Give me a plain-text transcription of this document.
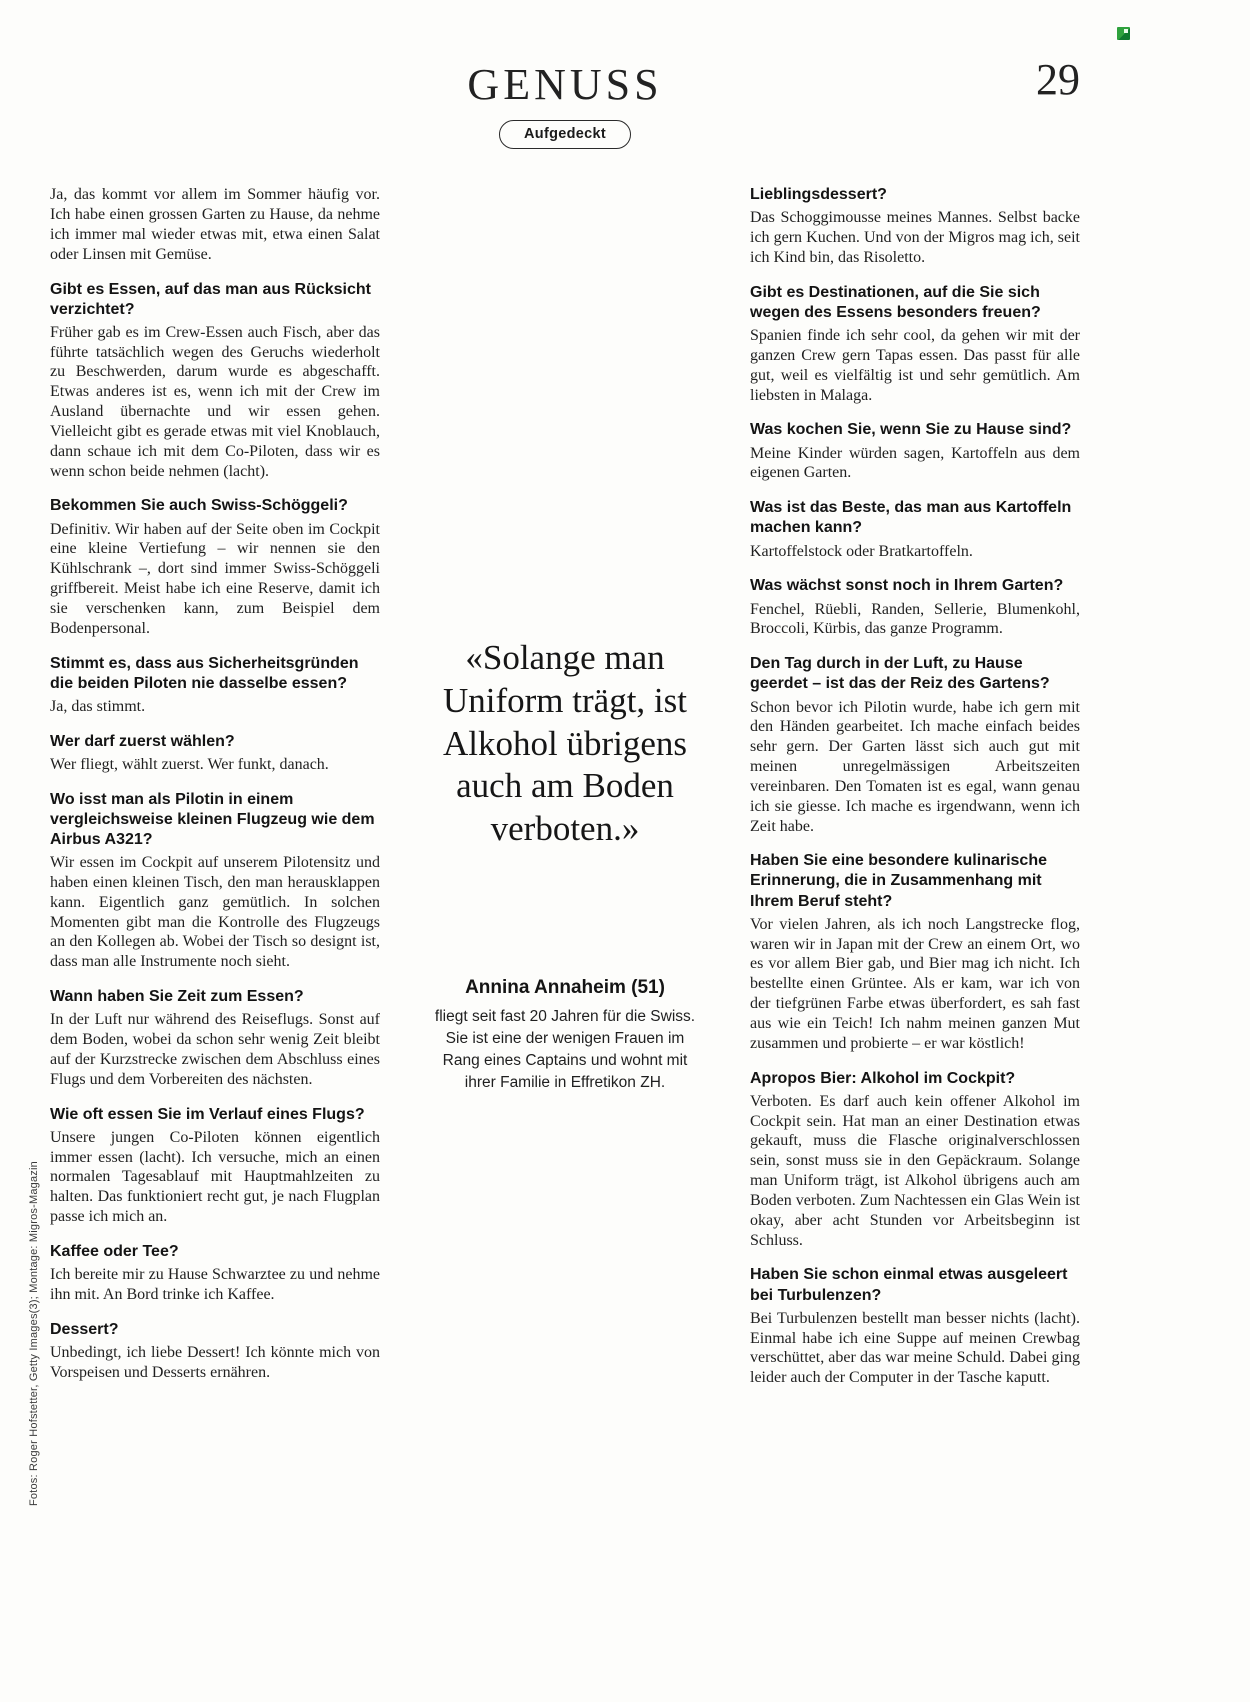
Fotos: Roger Hofstetter, Getty Images(3); Montage: Migros-Magazin
GENUSS	29
Aufgedeckt

Ja, das kommt vor allem im Sommer häufig vor. Ich habe einen grossen Garten zu Hause, da nehme ich immer mal wieder etwas mit, etwa einen Salat oder Linsen mit Gemüse.

Gibt es Essen, auf das man aus Rücksicht verzichtet?

Früher gab es im Crew-Essen auch Fisch, aber das führte tatsächlich wegen des Geruchs wiederholt zu Beschwerden, darum wurde es abgeschafft. Etwas anderes ist es, wenn ich mit der Crew im Ausland übernachte und wir essen gehen. Vielleicht gibt es gerade etwas mit viel Knoblauch, dann schaue ich mit dem Co-Piloten, dass wir es wenn schon beide nehmen (lacht).

Bekommen Sie auch Swiss-Schöggeli?

Definitiv. Wir haben auf der Seite oben im Cockpit eine kleine Vertiefung – wir nennen sie den Kühlschrank –, dort sind immer Swiss-Schöggeli griffbereit. Meist habe ich eine Reserve, damit ich sie verschenken kann, zum Beispiel dem Bodenpersonal.

Stimmt es, dass aus Sicherheitsgründen die beiden Piloten nie dasselbe essen?

Ja, das stimmt.

Wer darf zuerst wählen?

Wer fliegt, wählt zuerst. Wer funkt, danach.

Wo isst man als Pilotin in einem vergleichsweise kleinen Flugzeug wie dem Airbus A321?

Wir essen im Cockpit auf unserem Pilotensitz und haben einen kleinen Tisch, den man herausklappen kann. Eigentlich ganz gemütlich. In solchen Momenten gibt man die Kontrolle des Flugzeugs an den Kollegen ab. Wobei der Tisch so designt ist, dass man alle Instrumente noch sieht.

Wann haben Sie Zeit zum Essen?

In der Luft nur während des Reiseflugs. Sonst auf dem Boden, wobei da schon sehr wenig Zeit bleibt auf der Kurzstrecke zwischen dem Abschluss eines Flugs und dem Vorbereiten des nächsten.

Wie oft essen Sie im Verlauf eines Flugs?

Unsere jungen Co-Piloten können eigentlich immer essen (lacht). Ich versuche, mich an einen normalen Tagesablauf mit Hauptmahlzeiten zu halten. Das funktioniert recht gut, je nach Flugplan passe ich mich an.

Kaffee oder Tee?

Ich bereite mir zu Hause Schwarztee zu und nehme ihn mit. An Bord trinke ich Kaffee.

Dessert?

Unbedingt, ich liebe Dessert! Ich könnte mich von Vorspeisen und Desserts ernähren.

«Solange man Uniform trägt, ist Alkohol übrigens auch am Boden verboten.»
Annina Annaheim (51)
fliegt seit fast 20 Jahren für die Swiss. Sie ist eine der wenigen Frauen im Rang eines Captains und wohnt mit ihrer Familie in Effretikon ZH.

Lieblingsdessert?

Das Schoggimousse meines Mannes. Selbst backe ich gern Kuchen. Und von der Migros mag ich, seit ich Kind bin, das Risoletto.

Gibt es Destinationen, auf die Sie sich wegen des Essens besonders freuen?

Spanien finde ich sehr cool, da gehen wir mit der ganzen Crew gern Tapas essen. Das passt für alle gut, weil es vielfältig ist und sehr gemütlich. Am liebsten in Malaga.

Was kochen Sie, wenn Sie zu Hause sind?

Meine Kinder würden sagen, Kartoffeln aus dem eigenen Garten.

Was ist das Beste, das man aus Kartoffeln machen kann?

Kartoffelstock oder Bratkartoffeln.

Was wächst sonst noch in Ihrem Garten?

Fenchel, Rüebli, Randen, Sellerie, Blumenkohl, Broccoli, Kürbis, das ganze Programm.

Den Tag durch in der Luft, zu Hause geerdet – ist das der Reiz des Gartens?

Schon bevor ich Pilotin wurde, habe ich gern mit den Händen gearbeitet. Ich mache einfach beides sehr gern. Der Garten lässt sich auch gut mit meinen unregelmässigen Arbeitszeiten vereinbaren. Den Tomaten ist es egal, wann genau ich sie giesse. Ich mache es irgendwann, wenn ich Zeit habe.

Haben Sie eine besondere kulinarische Erinnerung, die in Zusammenhang mit Ihrem Beruf steht?

Vor vielen Jahren, als ich noch Langstrecke flog, waren wir in Japan mit der Crew an einem Ort, wo es vor allem Bier gab, und Bier mag ich nicht. Ich bestellte einen Grüntee. Als er kam, war ich von der tiefgrünen Farbe etwas überfordert, es sah fast aus wie ein Teich! Ich nahm meinen ganzen Mut zusammen und probierte – er war köstlich!

Apropos Bier: Alkohol im Cockpit?

Verboten. Es darf auch kein offener Alkohol im Cockpit sein. Hat man an einer Destination etwas gekauft, muss die Flasche originalverschlossen sein, sonst muss sie in den Gepäckraum. Solange man Uniform trägt, ist Alkohol übrigens auch am Boden verboten. Zum Nachtessen ein Glas Wein ist okay, aber acht Stunden vor Arbeitsbeginn ist Schluss.

Haben Sie schon einmal etwas ausgeleert bei Turbulenzen?

Bei Turbulenzen bestellt man besser nichts (lacht). Einmal habe ich eine Suppe auf meinen Crewbag verschüttet, aber das war meine Schuld. Dabei ging leider auch der Computer in der Tasche kaputt.
